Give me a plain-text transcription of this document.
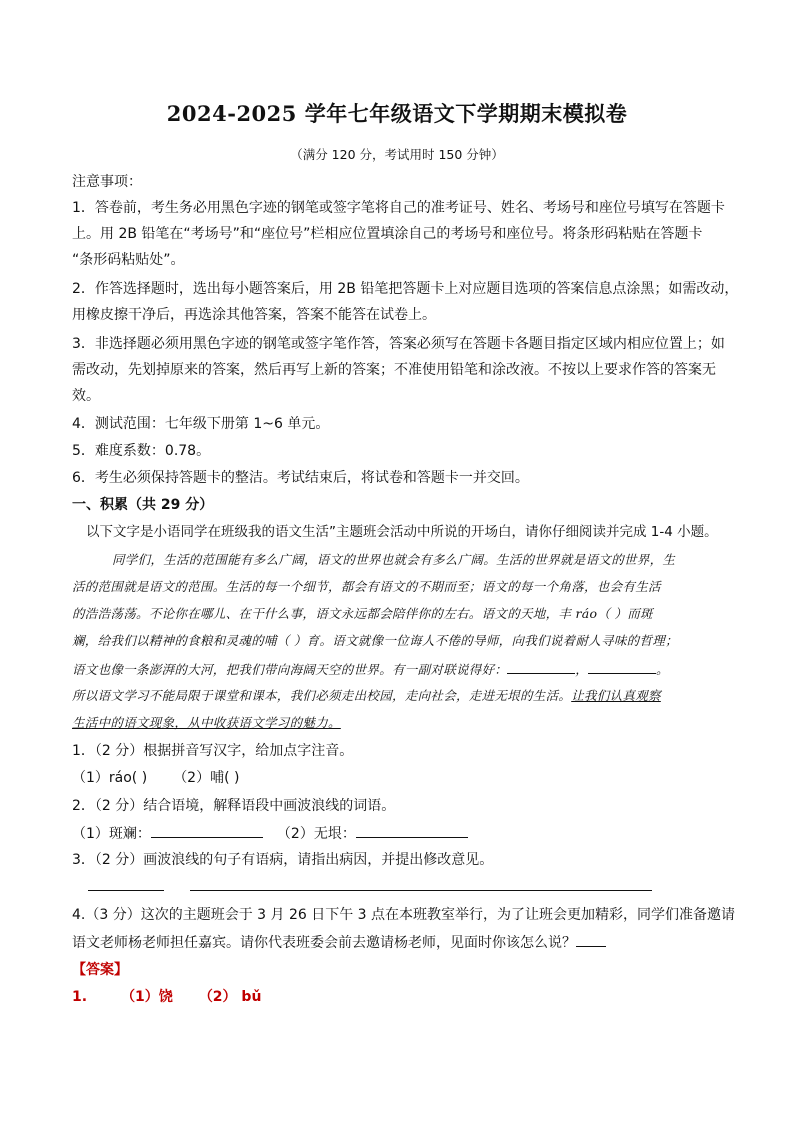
2024-2025 学年七年级语文下学期期末模拟卷
（满分 120 分，考试用时 150 分钟）
注意事项：
1．答卷前，考生务必用黑色字迹的钢笔或签字笔将自己的准考证号、姓名、考场号和座位号填写在答题卡
上。用 2B 铅笔在“考场号”和“座位号”栏相应位置填涂自己的考场号和座位号。将条形码粘贴在答题卡
“条形码粘贴处”。
2．作答选择题时，选出每小题答案后，用 2B 铅笔把答题卡上对应题目选项的答案信息点涂黑；如需改动，
用橡皮擦干净后，再选涂其他答案，答案不能答在试卷上。
3．非选择题必须用黑色字迹的钢笔或签字笔作答，答案必须写在答题卡各题目指定区域内相应位置上；如
需改动，先划掉原来的答案，然后再写上新的答案；不准使用铅笔和涂改液。不按以上要求作答的答案无
效。
4．测试范围：七年级下册第 1~6 单元。
5．难度系数：0.78。
6．考生必须保持答题卡的整洁。考试结束后，将试卷和答题卡一并交回。
一、积累（共 29 分）
以下文字是小语同学在班级我的语文生活”主题班会活动中所说的开场白，请你仔细阅读并完成 1-4 小题。
同学们，生活的范围能有多么广阔，语文的世界也就会有多么广阔。生活的世界就是语文的世界，生
活的范围就是语文的范围。生活的每一个细节，都会有语文的不期而至；语文的每一个角落，也会有生活
的浩浩荡荡。不论你在哪儿、在干什么事，语文永远都会陪伴你的左右。语文的天地，丰 ráo（ ）而斑
斓，给我们以精神的食粮和灵魂的哺（ ）育。语文就像一位诲人不倦的导师，向我们说着耐人寻味的哲理；
语文也像一条澎湃的大河，把我们带向海阔天空的世界。有一副对联说得好：	，	。
所以语文学习不能局限于课堂和课本，我们必须走出校园，走向社会，走进无垠的生活。让我们认真观察
生活中的语文现象，从中收获语文学习的魅力。
1．（2 分）根据拼音写汉字，给加点字注音。
（1）ráo( ) （2）哺( )
2．（2 分）结合语境，解释语段中画波浪线的词语。
（1）斑斓：	（2）无垠：
3．（2 分）画波浪线的句子有语病，请指出病因，并提出修改意见。
4.（3 分）这次的主题班会于 3 月 26 日下午 3 点在本班教室举行，为了让班会更加精彩，同学们准备邀请
语文老师杨老师担任嘉宾。请你代表班委会前去邀请杨老师，见面时你该怎么说？
【答案】
1. （1）饶 （2） bǔ
